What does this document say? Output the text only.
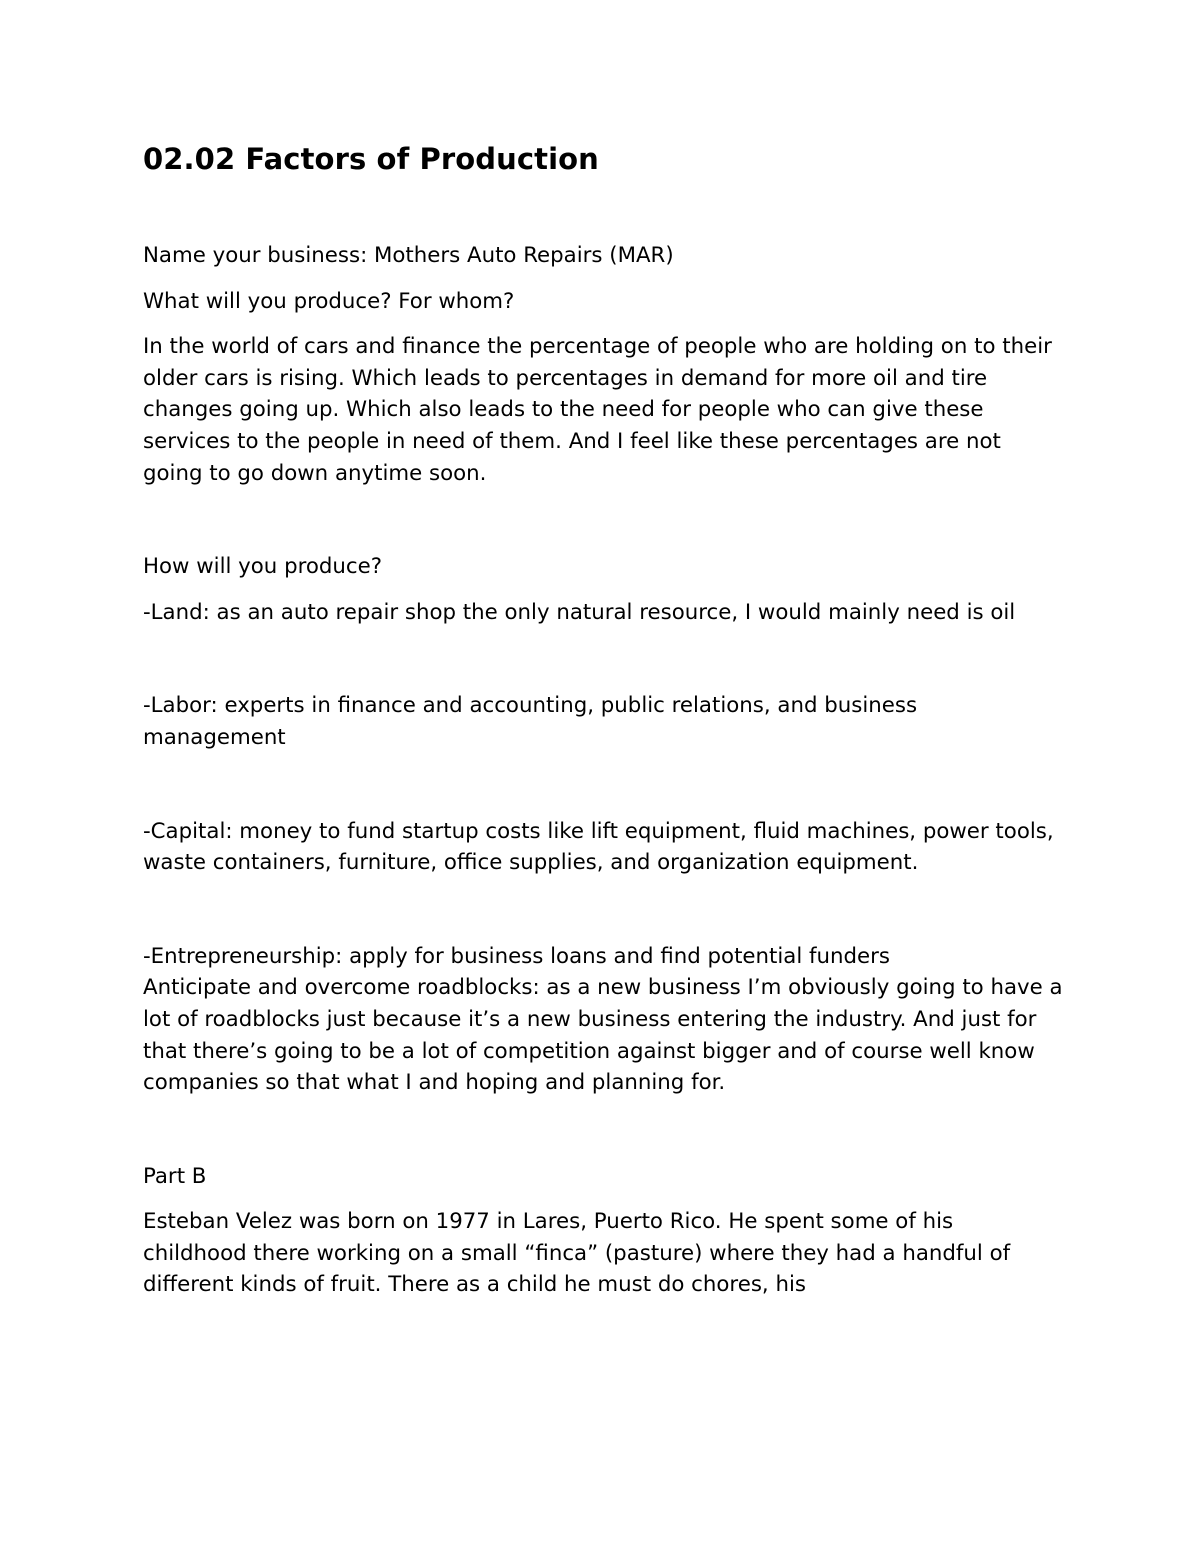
02.02 Factors of Production

Name your business: Mothers Auto Repairs (MAR)

What will you produce? For whom?

In the world of cars and finance the percentage of people who are holding on to their older cars is rising. Which leads to percentages in demand for more oil and tire changes going up. Which also leads to the need for people who can give these services to the people in need of them. And I feel like these percentages are not going to go down anytime soon.

How will you produce?

-Land: as an auto repair shop the only natural resource, I would mainly need is oil

-Labor: experts in finance and accounting, public relations, and business management

-Capital: money to fund startup costs like lift equipment, fluid machines, power tools, waste containers, furniture, office supplies, and organization equipment.

-Entrepreneurship: apply for business loans and find potential funders

Anticipate and overcome roadblocks: as a new business I’m obviously going to have a lot of roadblocks just because it’s a new business entering the industry. And just for that there’s going to be a lot of competition against bigger and of course well know companies so that what I and hoping and planning for.

Part B

Esteban Velez was born on 1977 in Lares, Puerto Rico. He spent some of his childhood there working on a small “finca” (pasture) where they had a handful of different kinds of fruit. There as a child he must do chores, his
